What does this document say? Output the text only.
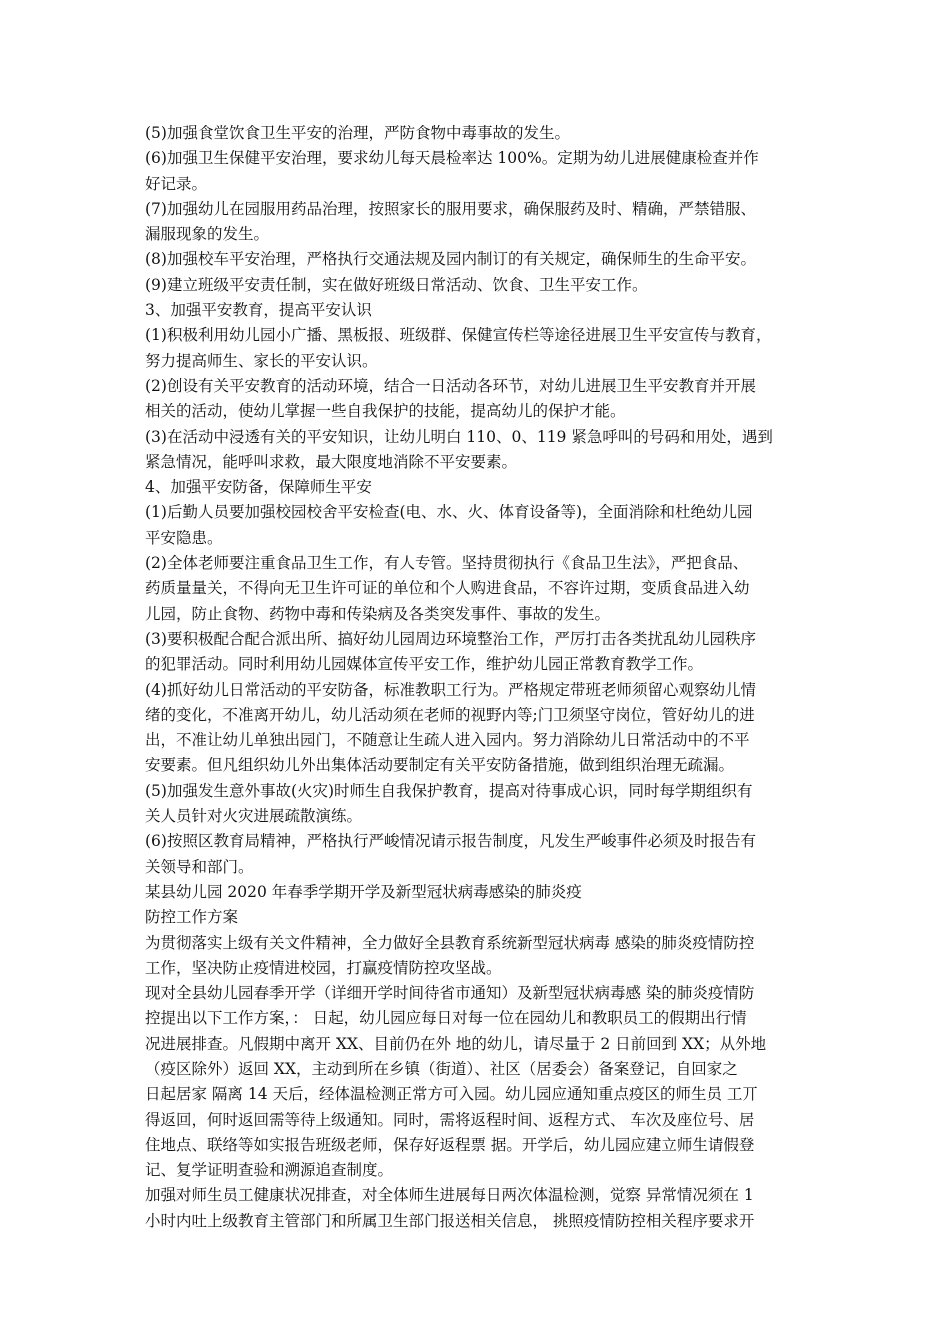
(5)加强食堂饮食卫生平安的治理，严防食物中毒事故的发生。
(6)加强卫生保健平安治理，要求幼儿每天晨检率达 100%。定期为幼儿进展健康检查并作
好记录。
(7)加强幼儿在园服用药品治理，按照家长的服用要求，确保服药及时、精确，严禁错服、
漏服现象的发生。
(8)加强校车平安治理，严格执行交通法规及园内制订的有关规定，确保师生的生命平安。
(9)建立班级平安责任制，实在做好班级日常活动、饮食、卫生平安工作。
3、加强平安教育，提高平安认识
(1)积极利用幼儿园小广播、黑板报、班级群、保健宣传栏等途径进展卫生平安宣传与教育，
努力提高师生、家长的平安认识。
(2)创设有关平安教育的活动环境，结合一日活动各环节，对幼儿进展卫生平安教育并开展
相关的活动，使幼儿掌握一些自我保护的技能，提高幼儿的保护才能。
(3)在活动中浸透有关的平安知识，让幼儿明白 110、0、119 紧急呼叫的号码和用处，遇到
紧急情况，能呼叫求救，最大限度地消除不平安要素。
4、加强平安防备，保障师生平安
(1)后勤人员要加强校园校舍平安检查(电、水、火、体育设备等)，全面消除和杜绝幼儿园
平安隐患。
(2)全体老师要注重食品卫生工作，有人专管。坚持贯彻执行《食品卫生法》，严把食品、
药质量量关，不得向无卫生许可证的单位和个人购进食品，不容许过期，变质食品进入幼
儿园，防止食物、药物中毒和传染病及各类突发事件、事故的发生。
(3)要积极配合配合派出所、搞好幼儿园周边环境整治工作，严厉打击各类扰乱幼儿园秩序
的犯罪活动。同时利用幼儿园媒体宣传平安工作，维护幼儿园正常教育教学工作。
(4)抓好幼儿日常活动的平安防备，标准教职工行为。严格规定带班老师须留心观察幼儿情
绪的变化，不准离开幼儿，幼儿活动须在老师的视野内等;门卫须坚守岗位，管好幼儿的进
出，不准让幼儿单独出园门，不随意让生疏人进入园内。努力消除幼儿日常活动中的不平
安要素。但凡组织幼儿外出集体活动要制定有关平安防备措施，做到组织治理无疏漏。
(5)加强发生意外事故(火灾)时师生自我保护教育，提高对待事成心识，同时每学期组织有
关人员针对火灾进展疏散演练。
(6)按照区教育局精神，严格执行严峻情况请示报告制度，凡发生严峻事件必须及时报告有
关领导和部门。
某县幼儿园 2020 年春季学期开学及新型冠状病毒感染的肺炎疫
防控工作方案
为贯彻落实上级有关文件精神，全力做好全县教育系统新型冠状病毒 感染的肺炎疫情防控
工作，坚决防止疫情进校园，打赢疫情防控攻坚战。
现对全县幼儿园春季开学（详细开学时间待省市通知）及新型冠状病毒感 染的肺炎疫情防
控提出以下工作方案，： 日起，幼儿园应每日对每一位在园幼儿和教职员工的假期出行情
况进展排查。凡假期中离开 XX、目前仍在外 地的幼儿，请尽量于 2 日前回到 XX；从外地
（疫区除外）返回 XX，主动到所在乡镇（街道）、社区（居委会）备案登记，自回家之
日起居家 隔离 14 天后，经体温检测正常方可入园。幼儿园应通知重点疫区的师生员 工丌
得返回，何时返回需等待上级通知。同时，需将返程时间、返程方式、 车次及座位号、居
住地点、联络等如实报告班级老师，保存好返程票 据。开学后，幼儿园应建立师生请假登
记、复学证明查验和溯源追查制度。
加强对师生员工健康状况排查，对全体师生进展每日两次体温检测，觉察 异常情况须在 1
小时内吐上级教育主管部门和所属卫生部门报送相关信息， 挑照疫情防控相关程序要求开
